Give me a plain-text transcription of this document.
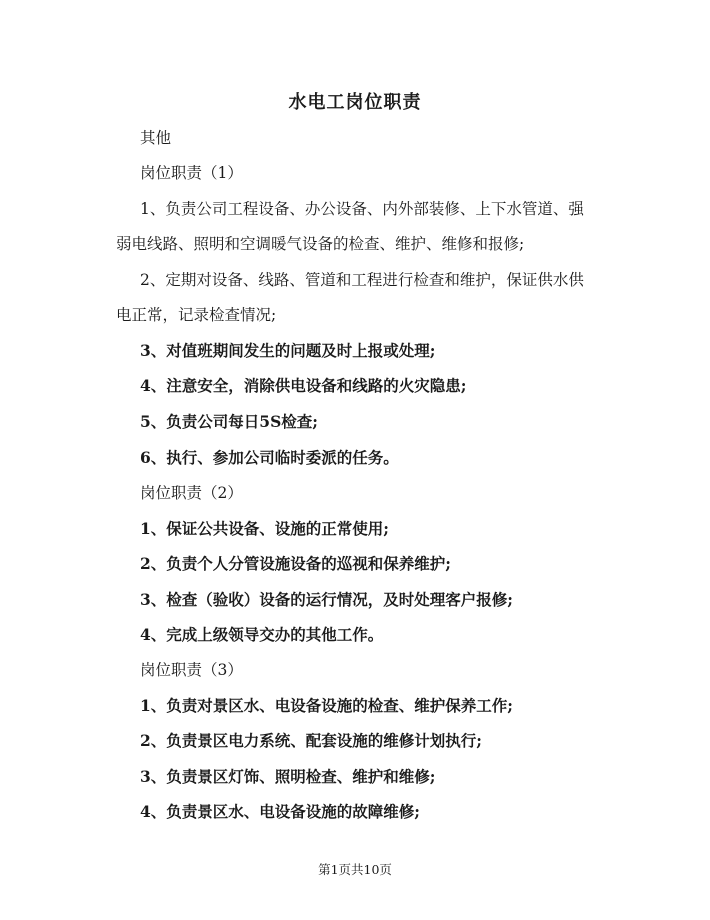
水电工岗位职责
其他
岗位职责（1）
1、负责公司工程设备、办公设备、内外部装修、上下水管道、强
弱电线路、照明和空调暖气设备的检查、维护、维修和报修;
2、定期对设备、线路、管道和工程进行检查和维护，保证供水供
电正常，记录检查情况;
3、对值班期间发生的问题及时上报或处理;
4、注意安全，消除供电设备和线路的火灾隐患;
5、负责公司每日5S检查;
6、执行、参加公司临时委派的任务。
岗位职责（2）
1、保证公共设备、设施的正常使用;
2、负责个人分管设施设备的巡视和保养维护;
3、检查（验收）设备的运行情况，及时处理客户报修;
4、完成上级领导交办的其他工作。
岗位职责（3）
1、负责对景区水、电设备设施的检查、维护保养工作;
2、负责景区电力系统、配套设施的维修计划执行;
3、负责景区灯饰、照明检查、维护和维修;
4、负责景区水、电设备设施的故障维修;
第1页共10页
